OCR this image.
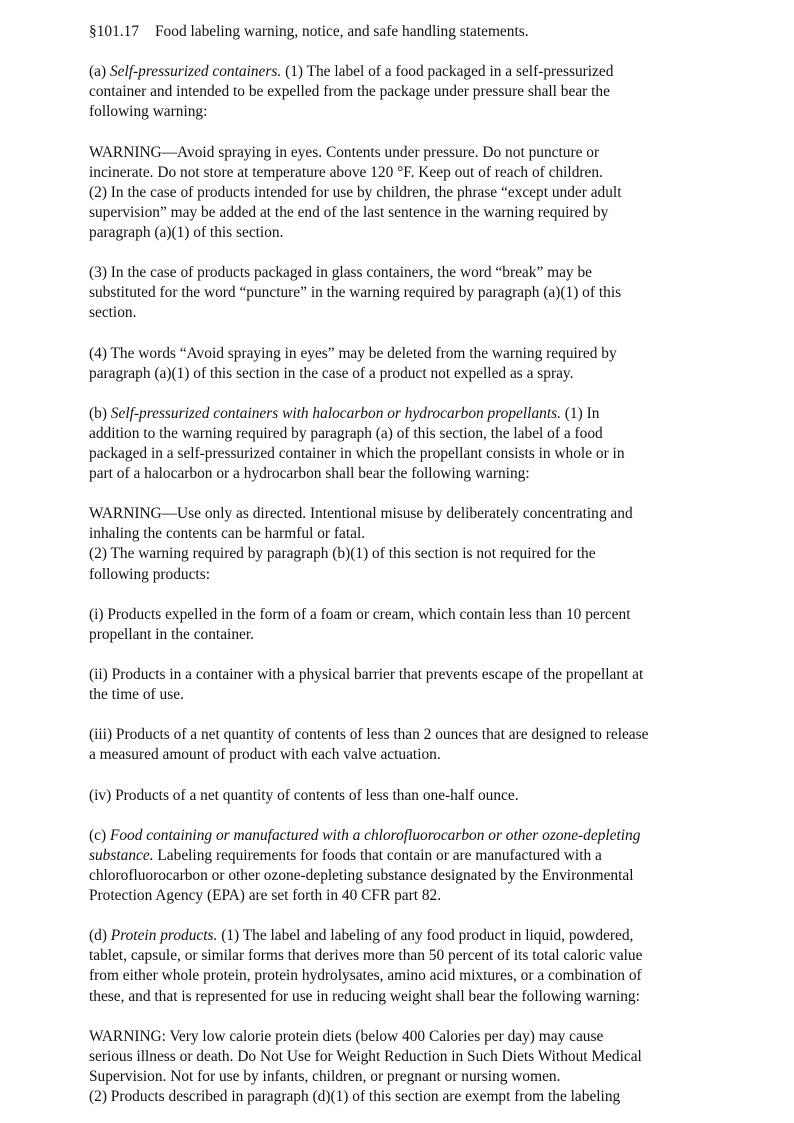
§101.17 Food labeling warning, notice, and safe handling statements.
(a) Self-pressurized containers. (1) The label of a food packaged in a self-pressurized
container and intended to be expelled from the package under pressure shall bear the
following warning:
WARNING—Avoid spraying in eyes. Contents under pressure. Do not puncture or
incinerate. Do not store at temperature above 120 °F. Keep out of reach of children.
(2) In the case of products intended for use by children, the phrase “except under adult
supervision” may be added at the end of the last sentence in the warning required by
paragraph (a)(1) of this section.
(3) In the case of products packaged in glass containers, the word “break” may be
substituted for the word “puncture” in the warning required by paragraph (a)(1) of this
section.
(4) The words “Avoid spraying in eyes” may be deleted from the warning required by
paragraph (a)(1) of this section in the case of a product not expelled as a spray.
(b) Self-pressurized containers with halocarbon or hydrocarbon propellants. (1) In
addition to the warning required by paragraph (a) of this section, the label of a food
packaged in a self-pressurized container in which the propellant consists in whole or in
part of a halocarbon or a hydrocarbon shall bear the following warning:
WARNING—Use only as directed. Intentional misuse by deliberately concentrating and
inhaling the contents can be harmful or fatal.
(2) The warning required by paragraph (b)(1) of this section is not required for the
following products:
(i) Products expelled in the form of a foam or cream, which contain less than 10 percent
propellant in the container.
(ii) Products in a container with a physical barrier that prevents escape of the propellant at
the time of use.
(iii) Products of a net quantity of contents of less than 2 ounces that are designed to release
a measured amount of product with each valve actuation.
(iv) Products of a net quantity of contents of less than one-half ounce.
(c) Food containing or manufactured with a chlorofluorocarbon or other ozone-depleting
substance. Labeling requirements for foods that contain or are manufactured with a
chlorofluorocarbon or other ozone-depleting substance designated by the Environmental
Protection Agency (EPA) are set forth in 40 CFR part 82.
(d) Protein products. (1) The label and labeling of any food product in liquid, powdered,
tablet, capsule, or similar forms that derives more than 50 percent of its total caloric value
from either whole protein, protein hydrolysates, amino acid mixtures, or a combination of
these, and that is represented for use in reducing weight shall bear the following warning:
WARNING: Very low calorie protein diets (below 400 Calories per day) may cause
serious illness or death. Do Not Use for Weight Reduction in Such Diets Without Medical
Supervision. Not for use by infants, children, or pregnant or nursing women.
(2) Products described in paragraph (d)(1) of this section are exempt from the labeling
